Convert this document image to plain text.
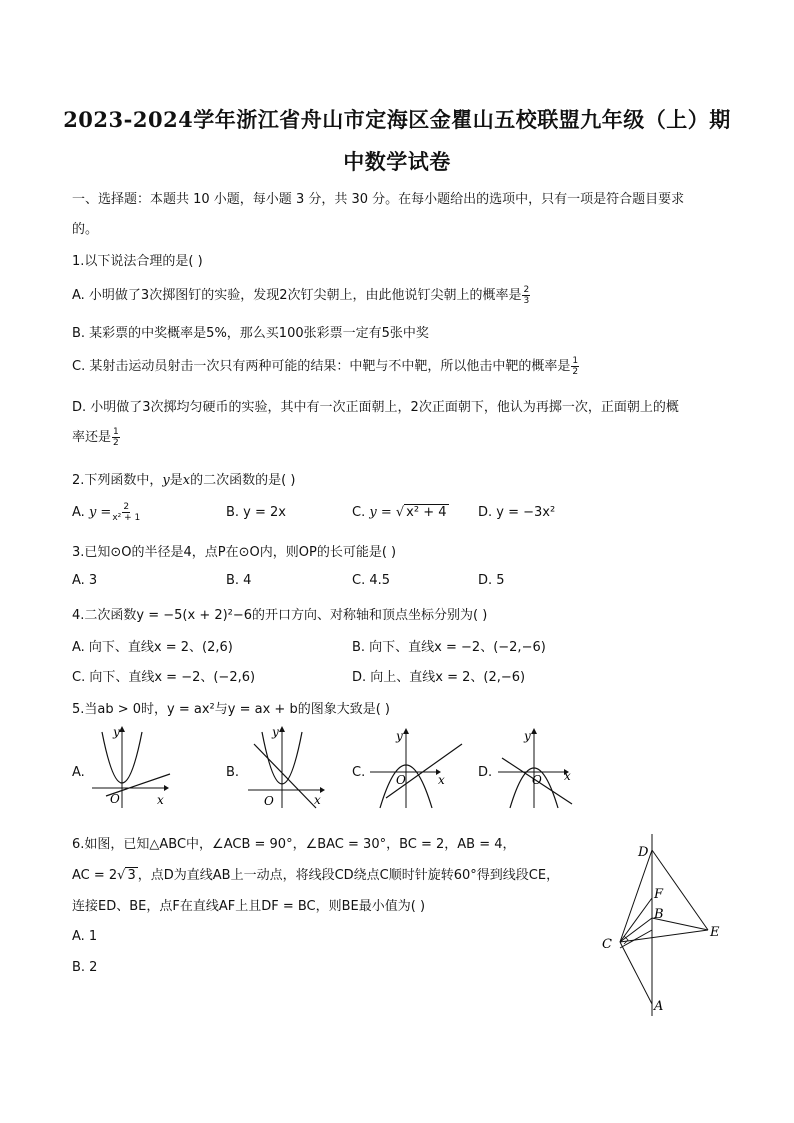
2023-2024学年浙江省舟山市定海区金瞿山五校联盟九年级（上）期
中数学试卷
一、选择题：本题共 10 小题，每小题 3 分，共 30 分。在每小题给出的选项中，只有一项是符合题目要求
的。
1.以下说法合理的是( )
A. 小明做了3次掷图钉的实验，发现2次钉尖朝上，由此他说钉尖朝上的概率是 $\frac{2}{3}$
B. 某彩票的中奖概率是5%，那么买100张彩票一定有5张中奖
C. 某射击运动员射击一次只有两种可能的结果：中靶与不中靶，所以他击中靶的概率是 $\frac{1}{2}$
D. 小明做了3次掷均匀硬币的实验，其中有一次正面朝上，2次正面朝下，他认为再掷一次，正面朝上的概
率还是 $\frac{1}{2}$
2.下列函数中，y是x的二次函数的是( )
A. $y = \frac{2}{\text{x² + 1}}$	B. y = 2x	C. y = √ x² + 4 D. y = −3x²
3.已知⊙O的半径是4，点P在⊙O内，则OP的长可能是( )
A. 3	B. 4	C. 4.5	D. 5
4.二次函数y = −5(x + 2)²−6的开口方向、对称轴和顶点坐标分别为( )
A. 向下、直线x = 2、(2,6)	B. 向下、直线x = −2、(−2,−6)
C. 向下、直线x = −2、(−2,6)	D. 向上、直线x = 2、(2,−6)
5.当ab > 0时，y = ax²与y = ax + b的图象大致是( )
A.	B.	C.	D.
y
O	x
y
O	x
y
O	x
y
O x
6.如图，已知△ABC中，∠ACB = 90°，∠BAC = 30°，BC = 2，AB = 4，
AC = 2√ 3 ，点D为直线AB上一动点，将线段CD绕点C顺时针旋转60°得到线段CE，
连接ED、BE，点F在直线AF上且DF = BC，则BE最小值为( )
A. 1
B. 2
D
F
B
C
E
A
